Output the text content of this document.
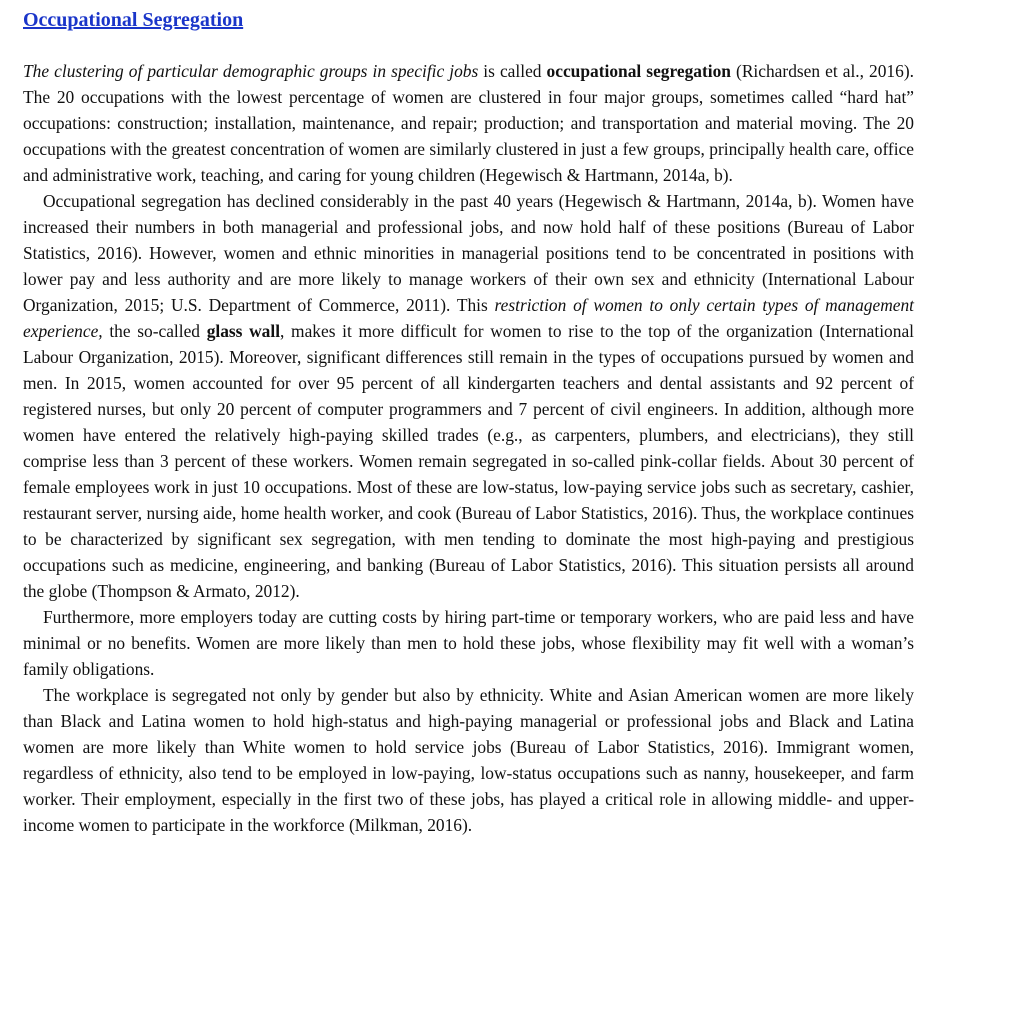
Occupational Segregation

The clustering of particular demographic groups in specific jobs is called occupational segregation (Richardsen et al., 2016). The 20 occupations with the lowest percentage of women are clustered in four major groups, sometimes called “hard hat” occupations: construction; installation, maintenance, and repair; production; and transportation and material moving. The 20 occupations with the greatest concentration of women are similarly clustered in just a few groups, principally health care, office and administrative work, teaching, and caring for young children (Hegewisch & Hartmann, 2014a, b).

Occupational segregation has declined considerably in the past 40 years (Hegewisch & Hartmann, 2014a, b). Women have increased their numbers in both managerial and professional jobs, and now hold half of these positions (Bureau of Labor Statistics, 2016). However, women and ethnic minorities in managerial positions tend to be concentrated in positions with lower pay and less authority and are more likely to manage workers of their own sex and ethnicity (International Labour Organization, 2015; U.S. Department of Commerce, 2011). This restriction of women to only certain types of management experience, the so-called glass wall, makes it more difficult for women to rise to the top of the organization (International Labour Organization, 2015). Moreover, significant differences still remain in the types of occupations pursued by women and men. In 2015, women accounted for over 95 percent of all kindergarten teachers and dental assistants and 92 percent of registered nurses, but only 20 percent of computer programmers and 7 percent of civil engineers. In addition, although more women have entered the relatively high-paying skilled trades (e.g., as carpenters, plumbers, and electricians), they still comprise less than 3 percent of these workers. Women remain segregated in so-called pink-collar fields. About 30 percent of female employees work in just 10 occupations. Most of these are low-status, low-paying service jobs such as secretary, cashier, restaurant server, nursing aide, home health worker, and cook (Bureau of Labor Statistics, 2016). Thus, the workplace continues to be characterized by significant sex segregation, with men tending to dominate the most high-paying and prestigious occupations such as medicine, engineering, and banking (Bureau of Labor Statistics, 2016). This situation persists all around the globe (Thompson & Armato, 2012).

Furthermore, more employers today are cutting costs by hiring part-time or temporary workers, who are paid less and have minimal or no benefits. Women are more likely than men to hold these jobs, whose flexibility may fit well with a woman’s family obligations.

The workplace is segregated not only by gender but also by ethnicity. White and Asian American women are more likely than Black and Latina women to hold high-status and high-paying managerial or professional jobs and Black and Latina women are more likely than White women to hold service jobs (Bureau of Labor Statistics, 2016). Immigrant women, regardless of ethnicity, also tend to be employed in low-paying, low-status occupations such as nanny, housekeeper, and farm worker. Their employment, especially in the first two of these jobs, has played a critical role in allowing middle- and upper-income women to participate in the workforce (Milkman, 2016).
